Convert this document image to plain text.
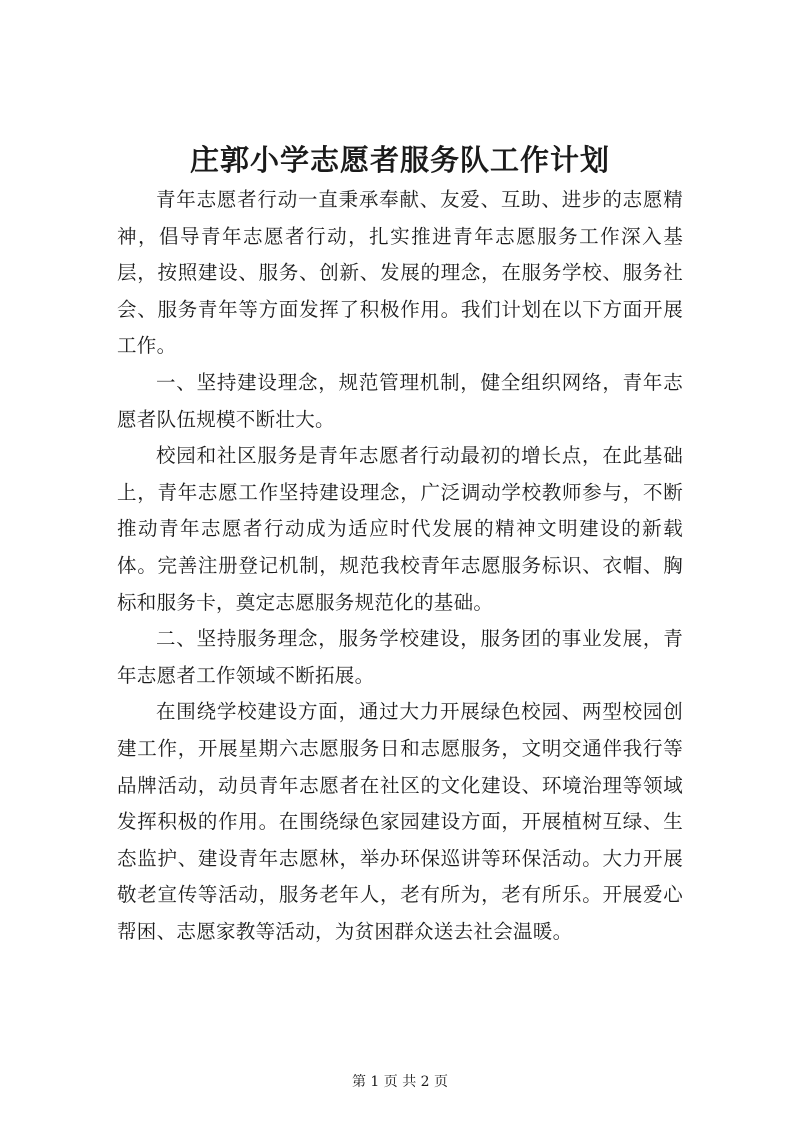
庄郭小学志愿者服务队工作计划

青年志愿者行动一直秉承奉献、友爱、互助、进步的志愿精神，倡导青年志愿者行动，扎实推进青年志愿服务工作深入基层，按照建设、服务、创新、发展的理念，在服务学校、服务社会、服务青年等方面发挥了积极作用。我们计划在以下方面开展工作。

一、坚持建设理念，规范管理机制，健全组织网络，青年志愿者队伍规模不断壮大。

校园和社区服务是青年志愿者行动最初的增长点，在此基础上，青年志愿工作坚持建设理念，广泛调动学校教师参与，不断推动青年志愿者行动成为适应时代发展的精神文明建设的新载体。完善注册登记机制，规范我校青年志愿服务标识、衣帽、胸标和服务卡，奠定志愿服务规范化的基础。

二、坚持服务理念，服务学校建设，服务团的事业发展，青年志愿者工作领域不断拓展。

在围绕学校建设方面，通过大力开展绿色校园、两型校园创建工作，开展星期六志愿服务日和志愿服务，文明交通伴我行等品牌活动，动员青年志愿者在社区的文化建设、环境治理等领域发挥积极的作用。在围绕绿色家园建设方面，开展植树互绿、生态监护、建设青年志愿林，举办环保巡讲等环保活动。大力开展敬老宣传等活动，服务老年人，老有所为，老有所乐。开展爱心帮困、志愿家教等活动，为贫困群众送去社会温暖。

第 1 页 共 2 页
